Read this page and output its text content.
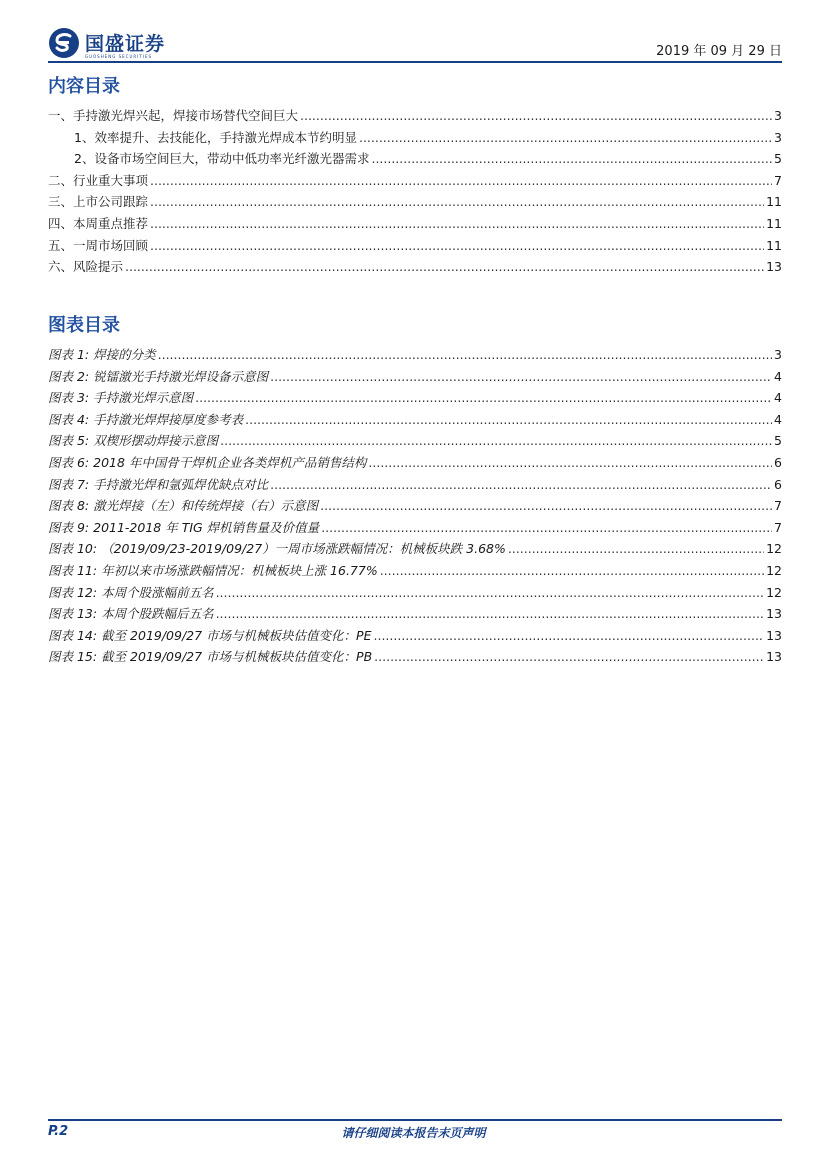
国盛证券
GUOSHENG SECURITIES	2019 年 09 月 29 日
内容目录
一、手持激光焊兴起，焊接市场替代空间巨大 .....	3
1、效率提升、去技能化，手持激光焊成本节约明显 .....	3
2、设备市场空间巨大，带动中低功率光纤激光器需求 .....	5
二、行业重大事项 .....	7
三、上市公司跟踪 .....	11
四、本周重点推荐 .....	11
五、一周市场回顾 .....	11
六、风险提示 .....	13
图表目录
图表 1: 焊接的分类 .....	3
图表 2: 锐镭激光手持激光焊设备示意图 .....	4
图表 3: 手持激光焊示意图 .....	4
图表 4: 手持激光焊焊接厚度参考表 .....	4
图表 5: 双楔形摆动焊接示意图 .....	5
图表 6: 2018 年中国骨干焊机企业各类焊机产品销售结构 .....	6
图表 7: 手持激光焊和氩弧焊优缺点对比 .....	6
图表 8: 激光焊接（左）和传统焊接（右）示意图 .....	7
图表 9: 2011-2018 年 TIG 焊机销售量及价值量 .....	7
图表 10: （2019/09/23-2019/09/27）一周市场涨跌幅情况：机械板块跌 3.68% .....	12
图表 11: 年初以来市场涨跌幅情况：机械板块上涨 16.77% .....	12
图表 12: 本周个股涨幅前五名 .....	12
图表 13: 本周个股跌幅后五名 .....	13
图表 14: 截至 2019/09/27 市场与机械板块估值变化：PE .....	13
图表 15: 截至 2019/09/27 市场与机械板块估值变化：PB .....	13
P.2	请仔细阅读本报告末页声明
